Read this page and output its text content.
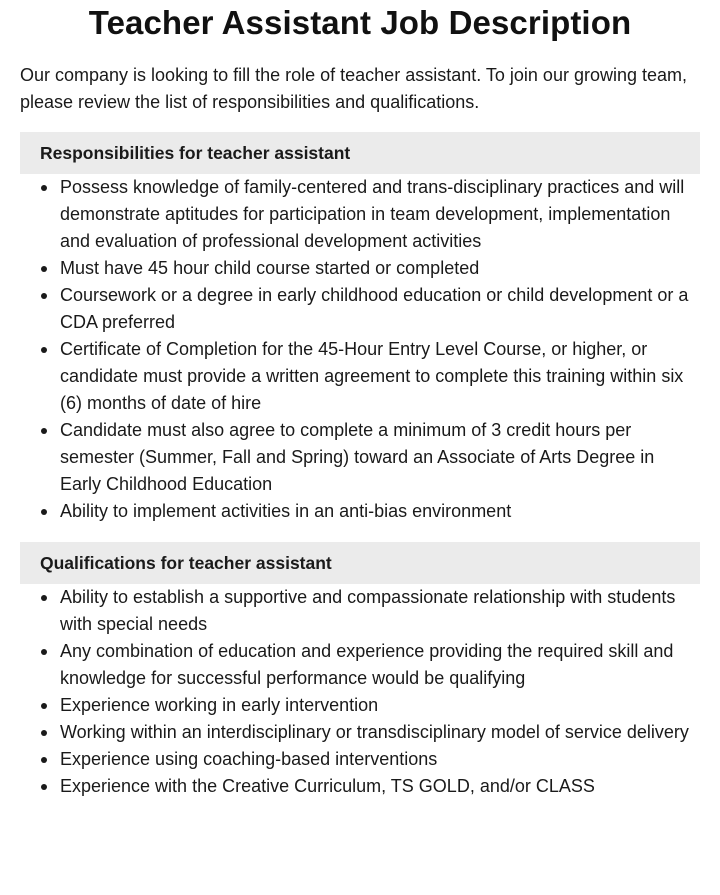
Teacher Assistant Job Description

Our company is looking to fill the role of teacher assistant. To join our growing team, please review the list of responsibilities and qualifications.

Responsibilities for teacher assistant
Possess knowledge of family-centered and trans-disciplinary practices and will demonstrate aptitudes for participation in team development, implementation and evaluation of professional development activities
Must have 45 hour child course started or completed
Coursework or a degree in early childhood education or child development or a CDA preferred
Certificate of Completion for the 45-Hour Entry Level Course, or higher, or candidate must provide a written agreement to complete this training within six (6) months of date of hire
Candidate must also agree to complete a minimum of 3 credit hours per semester (Summer, Fall and Spring) toward an Associate of Arts Degree in Early Childhood Education
Ability to implement activities in an anti-bias environment
Qualifications for teacher assistant
Ability to establish a supportive and compassionate relationship with students with special needs
Any combination of education and experience providing the required skill and knowledge for successful performance would be qualifying
Experience working in early intervention
Working within an interdisciplinary or transdisciplinary model of service delivery
Experience using coaching-based interventions
Experience with the Creative Curriculum, TS GOLD, and/or CLASS
